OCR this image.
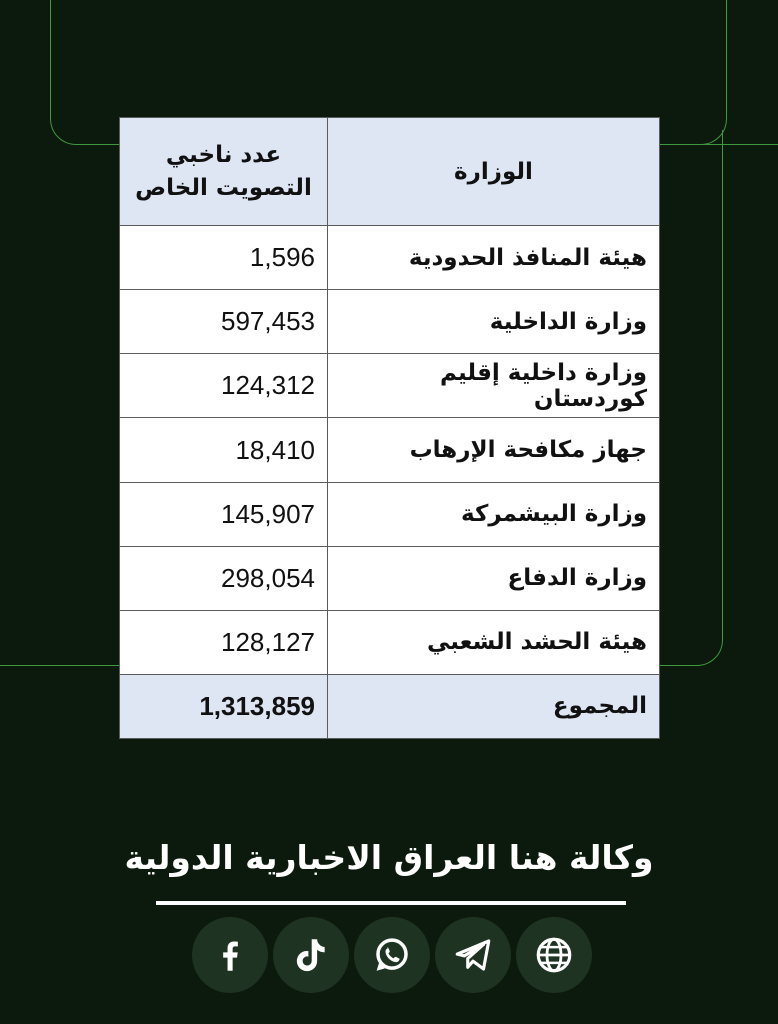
الوزارة	عدد ناخبي
التصويت الخاص

هيئة المنافذ الحدودية	1,596
وزارة الداخلية	597,453
وزارة داخلية إقليم كوردستان	124,312
جهاز مكافحة الإرهاب	18,410
وزارة البيشمركة	145,907
وزارة الدفاع	298,054
هيئة الحشد الشعبي	128,127
المجموع	1,313,859
وكالة هنا العراق الاخبارية الدولية
